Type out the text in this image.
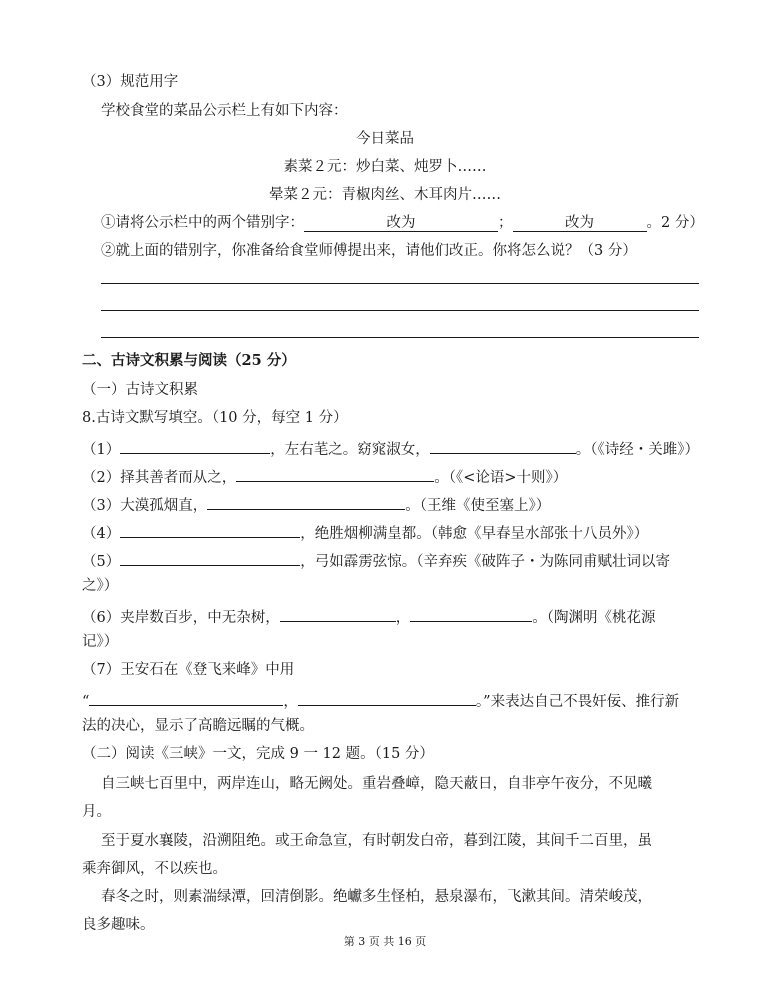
（3）规范用字
学校食堂的菜品公示栏上有如下内容：
今日菜品
素菜２元：炒白菜、炖罗卜……
晕菜２元：青椒肉丝、木耳肉片……
①请将公示栏中的两个错别字：	改为	；	改为	。2 分）
②就上面的错别字，你准备给食堂师傅提出来，请他们改正。你将怎么说？（3 分）
二、古诗文积累与阅读（25 分）
（一）古诗文积累
8.古诗文默写填空。（10 分，每空 1 分）
（1）	，左右芼之。窈窕淑女，	。（《诗经・关雎》）
（2）择其善者而从之，	。（《<论语>十则》）
（3）大漠孤烟直，	。（王维《使至塞上》）
（4）	，绝胜烟柳满皇都。（韩愈《早春呈水部张十八员外》）
（5）	，弓如霹雳弦惊。（辛弃疾《破阵子・为陈同甫赋壮词以寄
之》）
（6）夹岸数百步，中无杂树，	，	。（陶渊明《桃花源
记》）
（7）王安石在《登飞来峰》中用
“	，	。”来表达自己不畏奸佞、推行新
法的决心，显示了高瞻远瞩的气概。
（二）阅读《三峡》一文，完成 9 一 12 题。（15 分）
自三峡七百里中，两岸连山，略无阙处。重岩叠嶂，隐天蔽日，自非亭午夜分，不见曦
月。
至于夏水襄陵，沿溯阻绝。或王命急宣，有时朝发白帝，暮到江陵，其间千二百里，虽
乘奔御风，不以疾也。
春冬之时，则素湍绿潭，回清倒影。绝巘多生怪柏，悬泉瀑布，飞漱其间。清荣峻茂，
良多趣味。
第 3 页 共 16 页
